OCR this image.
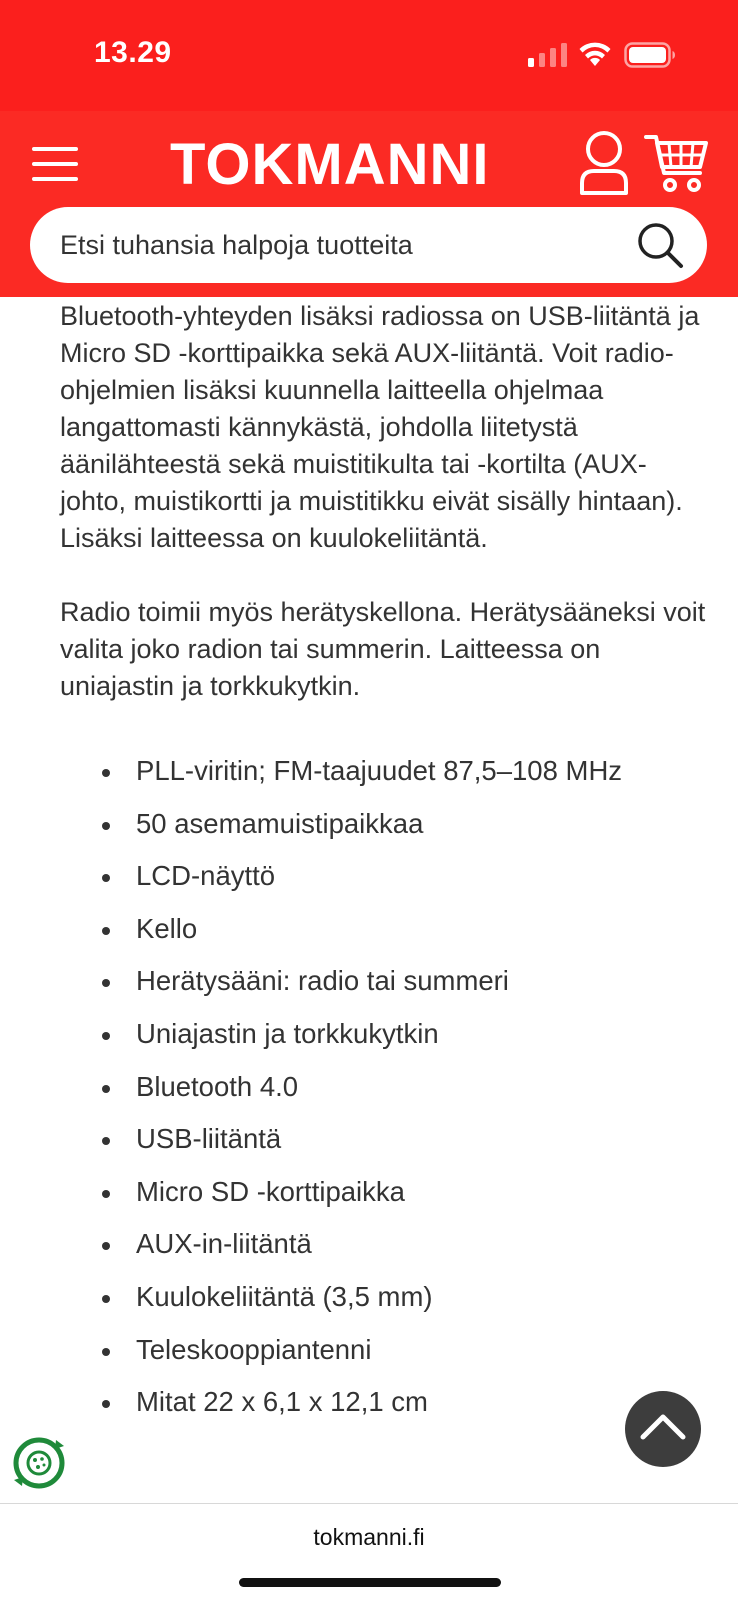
13.29
TOKMANNI
Etsi tuhansia halpoja tuotteita

Bluetooth-yhteyden lisäksi radiossa on USB-liitäntä ja Micro SD -korttipaikka sekä AUX-liitäntä. Voit radio-ohjelmien lisäksi kuunnella laitteella ohjelmaa langattomasti kännykästä, johdolla liitetystä äänilähteestä sekä muistitikulta tai -kortilta (AUX-johto, muistikortti ja muistitikku eivät sisälly hintaan). Lisäksi laitteessa on kuulokeliitäntä.

Radio toimii myös herätyskellona. Herätysääneksi voit valita joko radion tai summerin. Laitteessa on uniajastin ja torkkukytkin.

PLL-viritin; FM-taajuudet 87,5–108 MHz
50 asemamuistipaikkaa
LCD-näyttö
Kello
Herätysääni: radio tai summeri
Uniajastin ja torkkukytkin
Bluetooth 4.0
USB-liitäntä
Micro SD -korttipaikka
AUX-in-liitäntä
Kuulokeliitäntä (3,5 mm)
Teleskooppiantenni
Mitat 22 x 6,1 x 12,1 cm
tokmanni.fi
